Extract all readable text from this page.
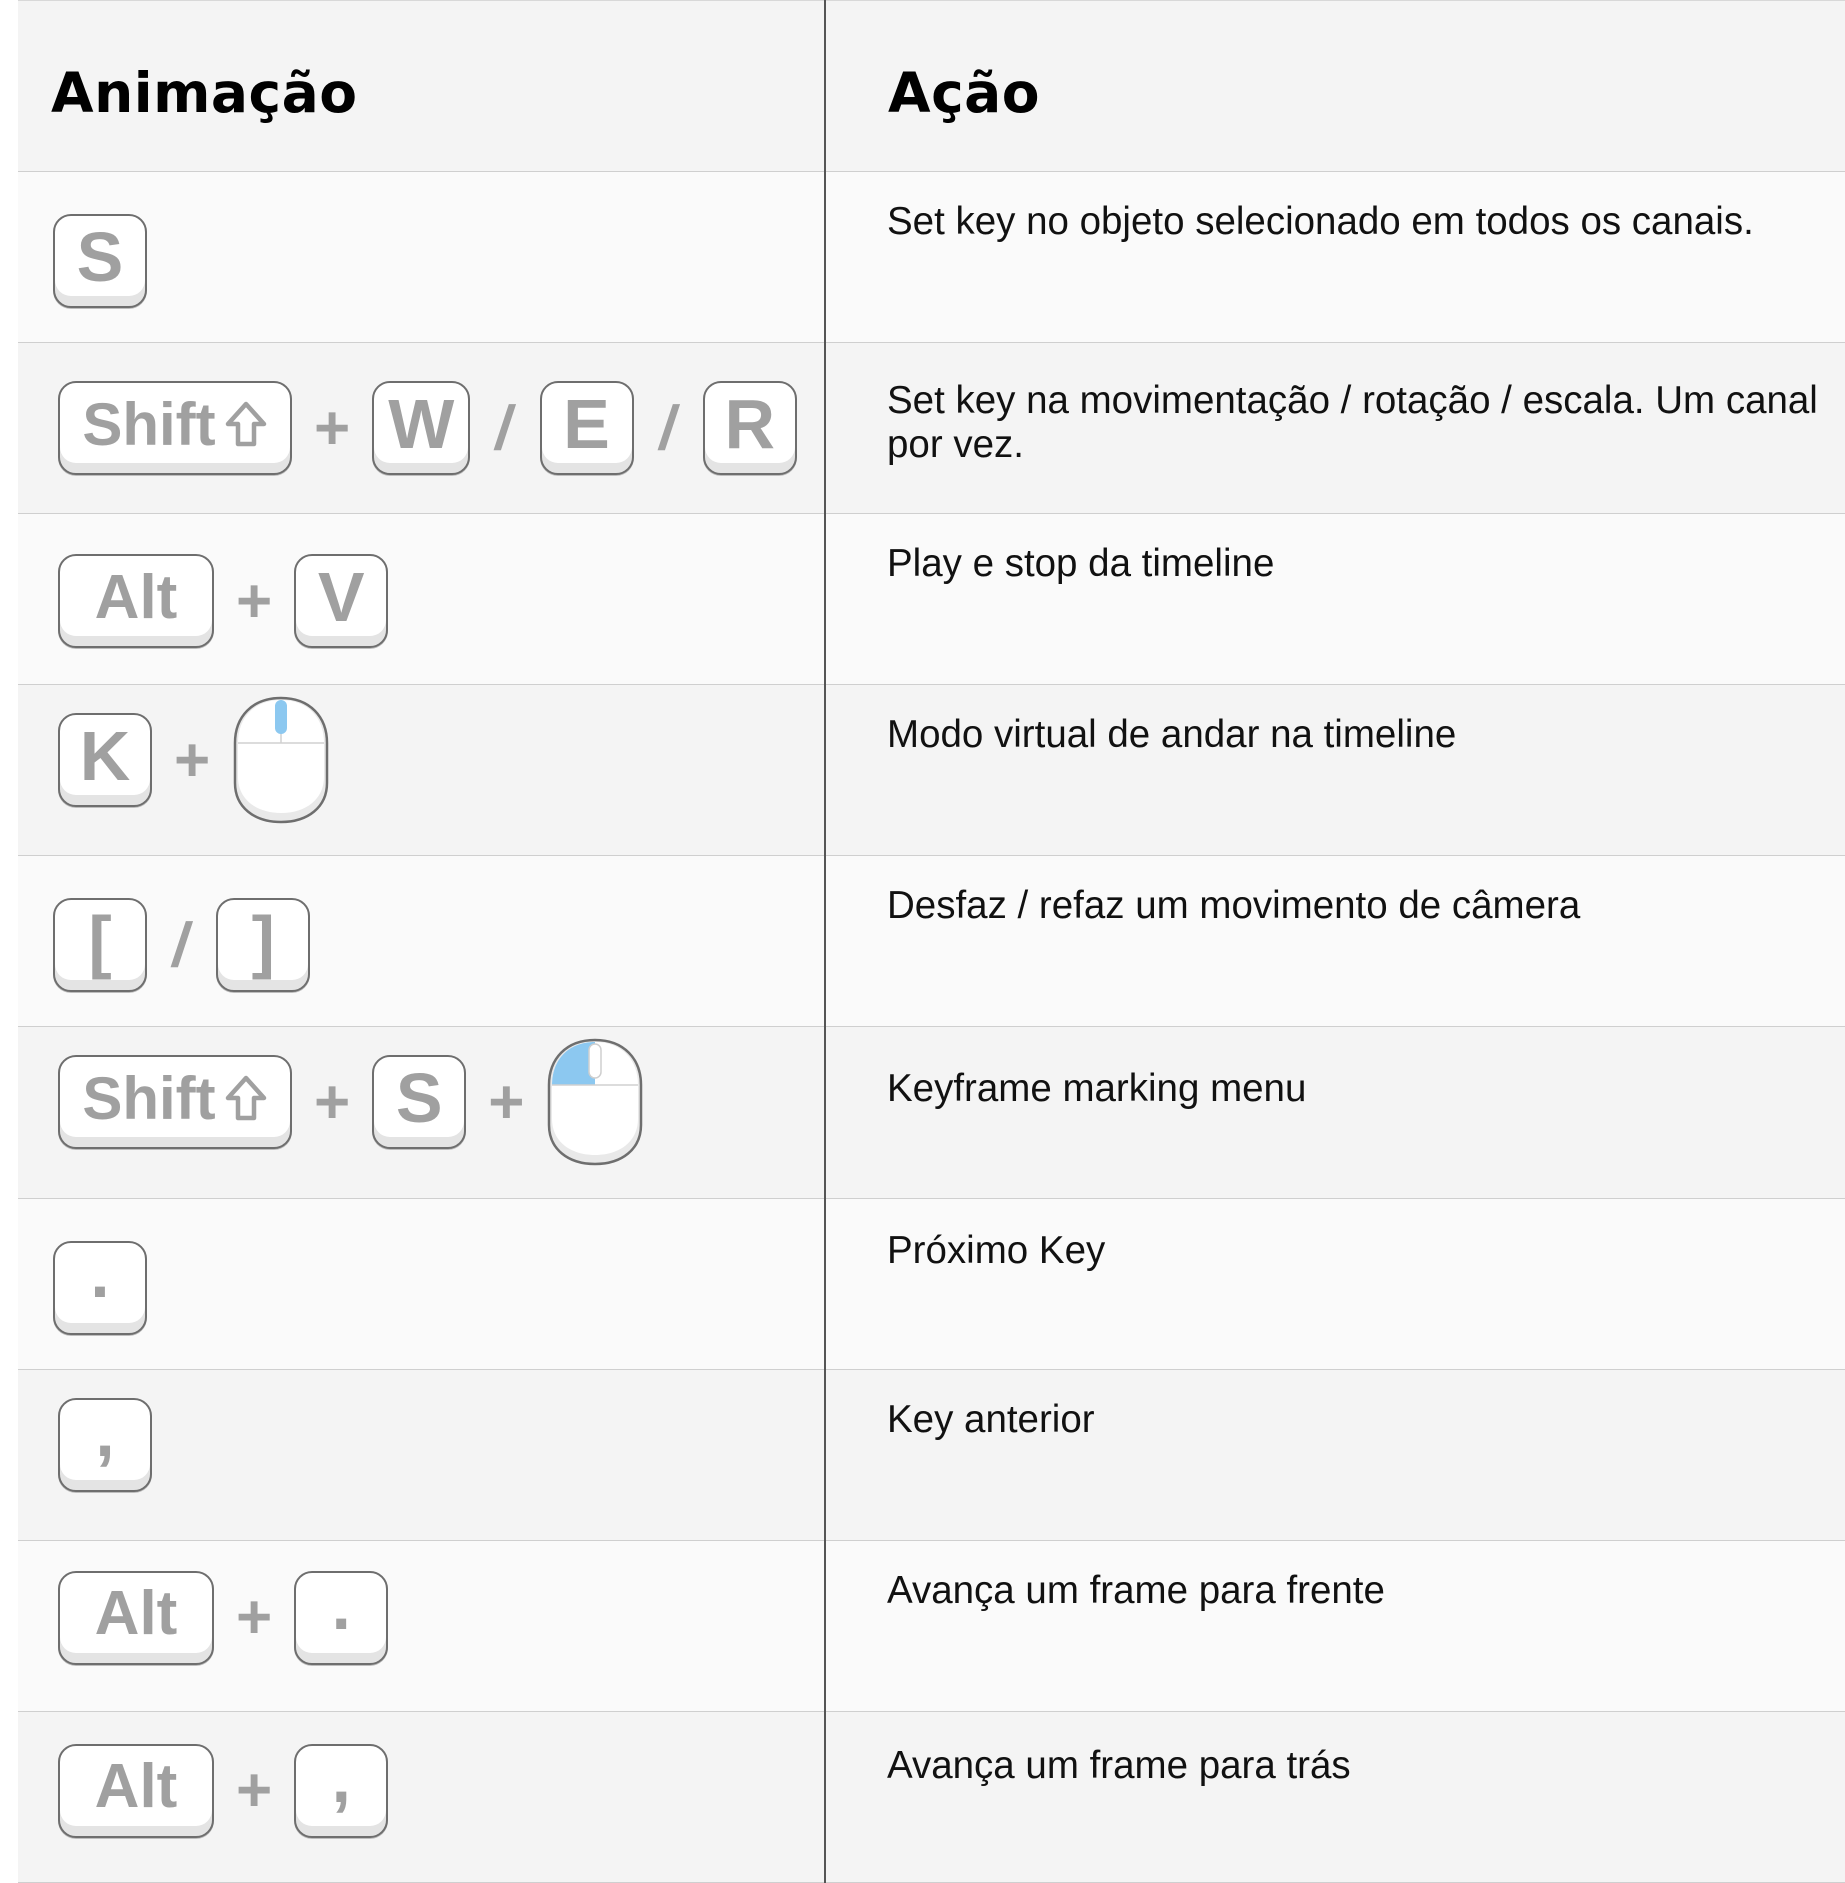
Animação	Ação
S	Set key no objeto selecionado em todos os canais.
Shift + W / E / R	Set key na movimentação / rotação / escala. Um canal por vez.
Alt + V	Play e stop da timeline
K +	Modo virtual de andar na timeline
[ / ]	Desfaz / refaz um movimento de câmera
Shift + S +	Keyframe marking menu
.	Próximo Key
,	Key anterior
Alt + .	Avança um frame para frente
Alt + ,	Avança um frame para trás
